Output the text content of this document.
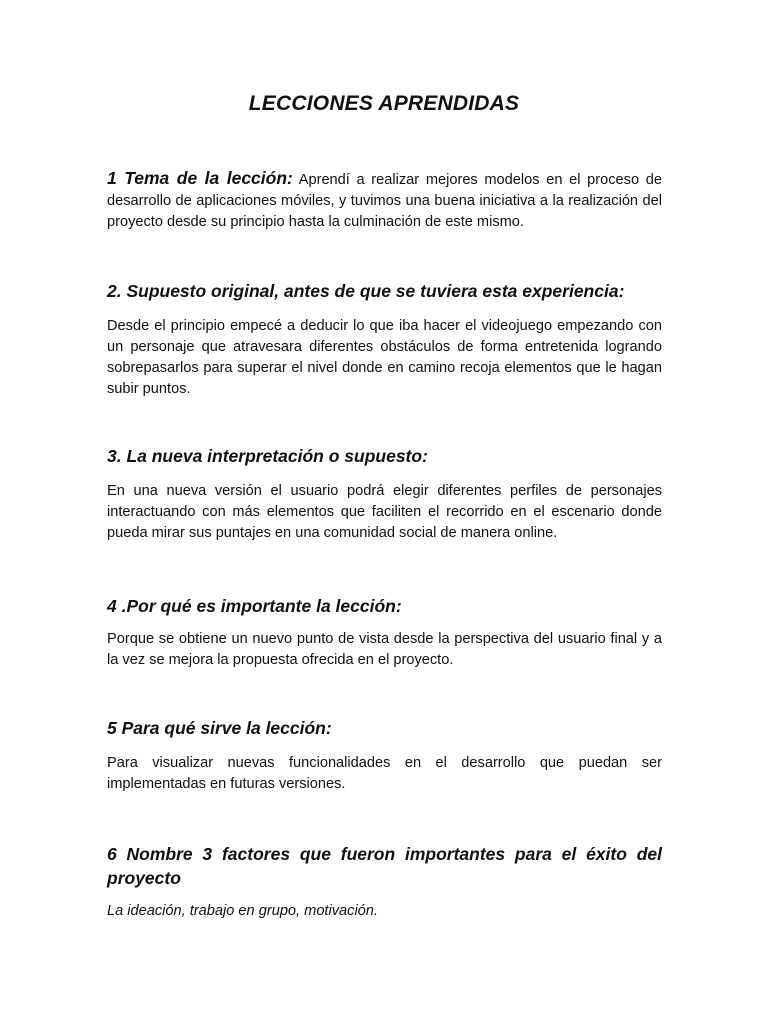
LECCIONES APRENDIDAS

1 Tema de la lección: Aprendí a realizar mejores modelos en el proceso de desarrollo de aplicaciones móviles, y tuvimos una buena iniciativa a la realización del proyecto desde su principio hasta la culminación de este mismo.

2. Supuesto original, antes de que se tuviera esta experiencia:

Desde el principio empecé a deducir lo que iba hacer el videojuego empezando con un personaje que atravesara diferentes obstáculos de forma entretenida logrando sobrepasarlos para superar el nivel donde en camino recoja elementos que le hagan subir puntos.

3. La nueva interpretación o supuesto:

En una nueva versión el usuario podrá elegir diferentes perfiles de personajes interactuando con más elementos que faciliten el recorrido en el escenario donde pueda mirar sus puntajes en una comunidad social de manera online.

4 .Por qué es importante la lección:

Porque se obtiene un nuevo punto de vista desde la perspectiva del usuario final y a la vez se mejora la propuesta ofrecida en el proyecto.

5 Para qué sirve la lección:

Para visualizar nuevas funcionalidades en el desarrollo que puedan ser implementadas en futuras versiones.

6 Nombre 3 factores que fueron importantes para el éxito del proyecto

La ideación, trabajo en grupo, motivación.
